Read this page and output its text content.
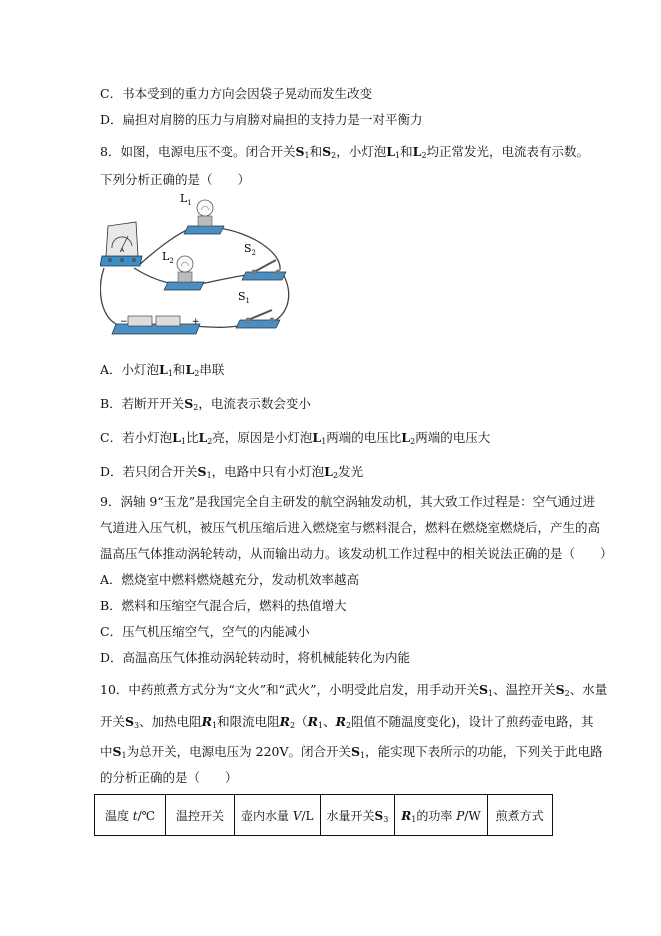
C．书本受到的重力方向会因袋子晃动而发生改变
D．扁担对肩膀的压力与肩膀对扁担的支持力是一对平衡力
8．如图，电源电压不变。闭合开关$S_1$和$S_2$，小灯泡$L_1$和$L_2$均正常发光，电流表有示数。
下列分析正确的是（　　）
A
$L_1$
$L_2$
$S_2$
$S_1$
−	+
A．小灯泡$L_1$和$L_2$串联
B．若断开开关$S_2$，电流表示数会变小
C．若小灯泡$L_1$比$L_2$亮，原因是小灯泡$L_1$两端的电压比$L_2$两端的电压大
D．若只闭合开关$S_1$，电路中只有小灯泡$L_2$发光
9．涡轴 9“玉龙”是我国完全自主研发的航空涡轴发动机，其大致工作过程是：空气通过进
气道进入压气机，被压气机压缩后进入燃烧室与燃料混合，燃料在燃烧室燃烧后，产生的高
温高压气体推动涡轮转动，从而输出动力。该发动机工作过程中的相关说法正确的是（　　）
A．燃烧室中燃料燃烧越充分，发动机效率越高
B．燃料和压缩空气混合后，燃料的热值增大
C．压气机压缩空气，空气的内能减小
D．高温高压气体推动涡轮转动时，将机械能转化为内能
10．中药煎煮方式分为“文火”和“武火”，小明受此启发，用手动开关$S_1$、温控开关$S_2$、水量
开关$S_3$、加热电阻$R_1$和限流电阻$R_2(R_1$、$R_2$阻值不随温度变化)，设计了煎药壶电路，其
中$S_1$为总开关，电源电压为 220V。闭合开关$S_1$，能实现下表所示的功能，下列关于此电路
的分析正确的是（　　）
温度 t/℃	温控开关	壶内水量 V/L	水量开关$S_3$	$R_1$的功率 P/W	煎煮方式
